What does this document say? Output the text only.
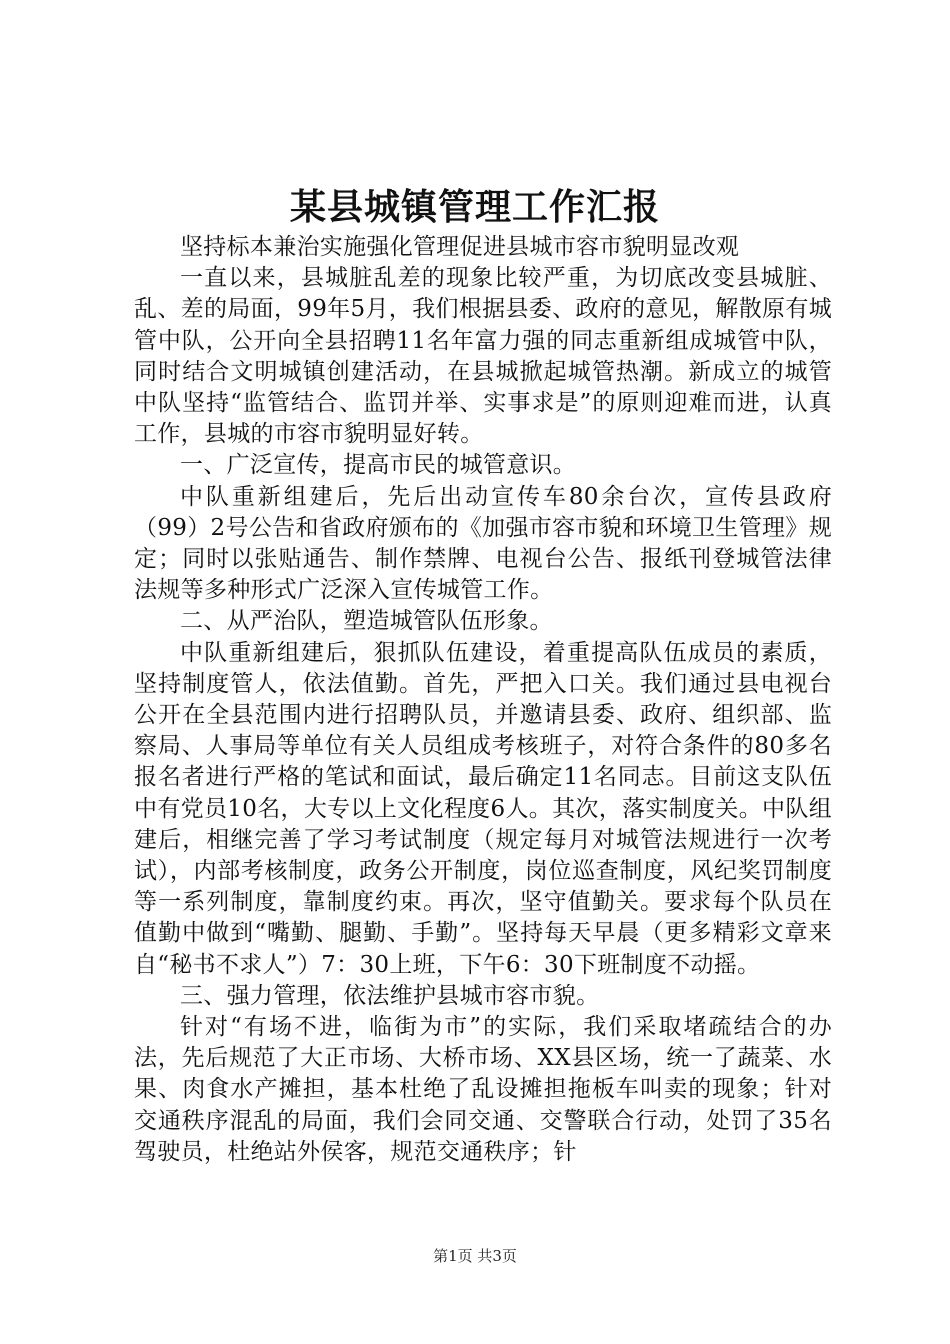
某县城镇管理工作汇报

坚持标本兼治实施强化管理促进县城市容市貌明显改观

一直以来，县城脏乱差的现象比较严重，为切底改变县城脏、乱、差的局面，99年5月，我们根据县委、政府的意见，解散原有城管中队，公开向全县招聘11名年富力强的同志重新组成城管中队，同时结合文明城镇创建活动，在县城掀起城管热潮。新成立的城管中队坚持“监管结合、监罚并举、实事求是”的原则迎难而进，认真工作，县城的市容市貌明显好转。

一、广泛宣传，提高市民的城管意识。

中队重新组建后，先后出动宣传车80余台次，宣传县政府（99）2号公告和省政府颁布的《加强市容市貌和环境卫生管理》规定；同时以张贴通告、制作禁牌、电视台公告、报纸刊登城管法律法规等多种形式广泛深入宣传城管工作。

二、从严治队，塑造城管队伍形象。

中队重新组建后，狠抓队伍建设，着重提高队伍成员的素质，坚持制度管人，依法值勤。首先，严把入口关。我们通过县电视台公开在全县范围内进行招聘队员，并邀请县委、政府、组织部、监察局、人事局等单位有关人员组成考核班子，对符合条件的80多名报名者进行严格的笔试和面试，最后确定11名同志。目前这支队伍中有党员10名，大专以上文化程度6人。其次，落实制度关。中队组建后，相继完善了学习考试制度（规定每月对城管法规进行一次考试），内部考核制度，政务公开制度，岗位巡查制度，风纪奖罚制度等一系列制度，靠制度约束。再次，坚守值勤关。要求每个队员在值勤中做到“嘴勤、腿勤、手勤”。坚持每天早晨（更多精彩文章来自“秘书不求人”）7：30上班，下午6：30下班制度不动摇。

三、强力管理，依法维护县城市容市貌。

针对“有场不进，临街为市”的实际，我们采取堵疏结合的办法，先后规范了大正市场、大桥市场、XX县区场，统一了蔬菜、水果、肉食水产摊担，基本杜绝了乱设摊担拖板车叫卖的现象；针对交通秩序混乱的局面，我们会同交通、交警联合行动，处罚了35名驾驶员，杜绝站外侯客，规范交通秩序；针

第1页 共3页
